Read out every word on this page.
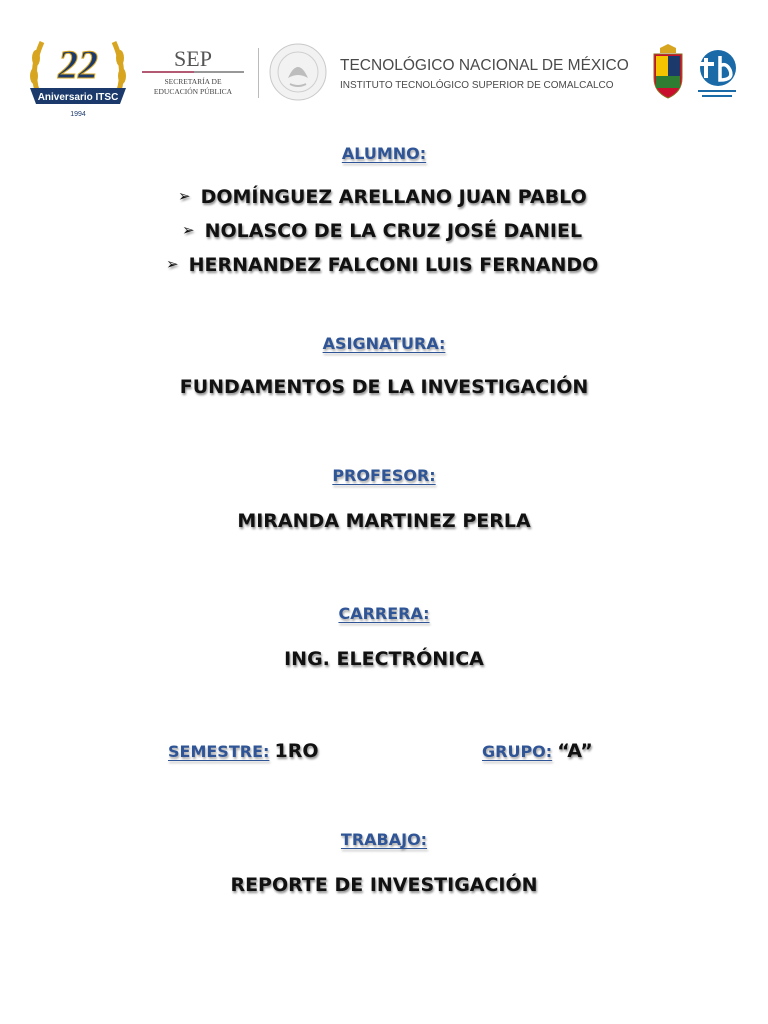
22
Aniversario ITSC
1994
SEP
SECRETARÍA DE
EDUCACIÓN PÚBLICA
TECNOLÓGICO NACIONAL DE MÉXICO
INSTITUTO TECNOLÓGICO SUPERIOR DE COMALCALCO
ALUMNO:
➢ DOMÍNGUEZ ARELLANO JUAN PABLO
➢ NOLASCO DE LA CRUZ JOSÉ DANIEL
➢ HERNANDEZ FALCONI LUIS FERNANDO
ASIGNATURA:
FUNDAMENTOS DE LA INVESTIGACIÓN
PROFESOR:
MIRANDA MARTINEZ PERLA
CARRERA:
ING. ELECTRÓNICA
SEMESTRE: 1RO	GRUPO: “A”
TRABAJO:
REPORTE DE INVESTIGACIÓN
